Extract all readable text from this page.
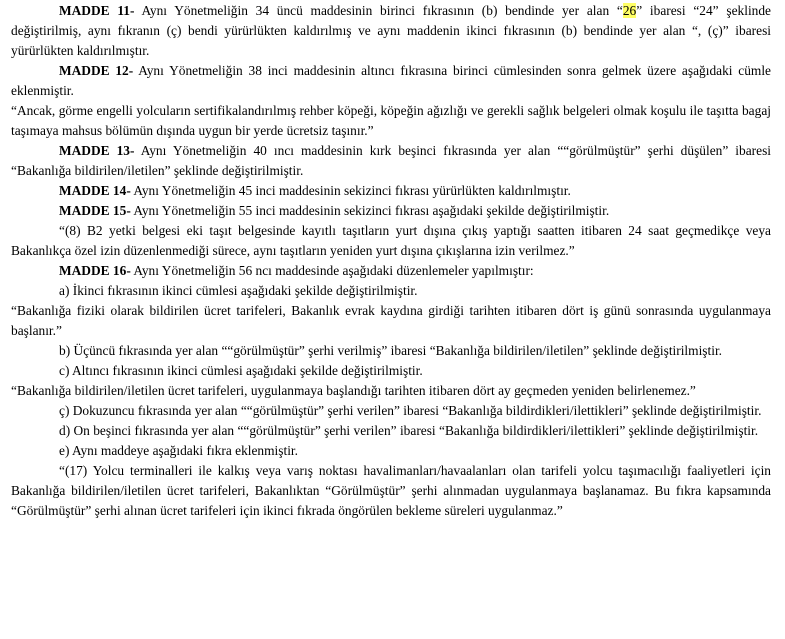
MADDE 11- Aynı Yönetmeliğin 34 üncü maddesinin birinci fıkrasının (b) bendinde yer alan “26” ibaresi “24” şeklinde değiştirilmiş, aynı fıkranın (ç) bendi yürürlükten kaldırılmış ve aynı maddenin ikinci fıkrasının (b) bendinde yer alan “, (ç)” ibaresi yürürlükten kaldırılmıştır.

MADDE 12- Aynı Yönetmeliğin 38 inci maddesinin altıncı fıkrasına birinci cümlesinden sonra gelmek üzere aşağıdaki cümle eklenmiştir.

“Ancak, görme engelli yolcuların sertifikalandırılmış rehber köpeği, köpeğin ağızlığı ve gerekli sağlık belgeleri olmak koşulu ile taşıtta bagaj taşımaya mahsus bölümün dışında uygun bir yerde ücretsiz taşınır.”

MADDE 13- Aynı Yönetmeliğin 40 ıncı maddesinin kırk beşinci fıkrasında yer alan ““görülmüştür” şerhi düşülen” ibaresi “Bakanlığa bildirilen/iletilen” şeklinde değiştirilmiştir.

MADDE 14- Aynı Yönetmeliğin 45 inci maddesinin sekizinci fıkrası yürürlükten kaldırılmıştır.

MADDE 15- Aynı Yönetmeliğin 55 inci maddesinin sekizinci fıkrası aşağıdaki şekilde değiştirilmiştir.

“(8) B2 yetki belgesi eki taşıt belgesinde kayıtlı taşıtların yurt dışına çıkış yaptığı saatten itibaren 24 saat geçmedikçe veya Bakanlıkça özel izin düzenlenmediği sürece, aynı taşıtların yeniden yurt dışına çıkışlarına izin verilmez.”

MADDE 16- Aynı Yönetmeliğin 56 ncı maddesinde aşağıdaki düzenlemeler yapılmıştır:

a) İkinci fıkrasının ikinci cümlesi aşağıdaki şekilde değiştirilmiştir.

“Bakanlığa fiziki olarak bildirilen ücret tarifeleri, Bakanlık evrak kaydına girdiği tarihten itibaren dört iş günü sonrasında uygulanmaya başlanır.”

b) Üçüncü fıkrasında yer alan ““görülmüştür” şerhi verilmiş” ibaresi “Bakanlığa bildirilen/iletilen” şeklinde değiştirilmiştir.

c) Altıncı fıkrasının ikinci cümlesi aşağıdaki şekilde değiştirilmiştir.

“Bakanlığa bildirilen/iletilen ücret tarifeleri, uygulanmaya başlandığı tarihten itibaren dört ay geçmeden yeniden belirlenemez.”

ç) Dokuzuncu fıkrasında yer alan ““görülmüştür” şerhi verilen” ibaresi “Bakanlığa bildirdikleri/ilettikleri” şeklinde değiştirilmiştir.

d) On beşinci fıkrasında yer alan ““görülmüştür” şerhi verilen” ibaresi “Bakanlığa bildirdikleri/ilettikleri” şeklinde değiştirilmiştir.

e) Aynı maddeye aşağıdaki fıkra eklenmiştir.

“(17) Yolcu terminalleri ile kalkış veya varış noktası havalimanları/havaalanları olan tarifeli yolcu taşımacılığı faaliyetleri için Bakanlığa bildirilen/iletilen ücret tarifeleri, Bakanlıktan “Görülmüştür” şerhi alınmadan uygulanmaya başlanamaz. Bu fıkra kapsamında “Görülmüştür” şerhi alınan ücret tarifeleri için ikinci fıkrada öngörülen bekleme süreleri uygulanmaz.”
